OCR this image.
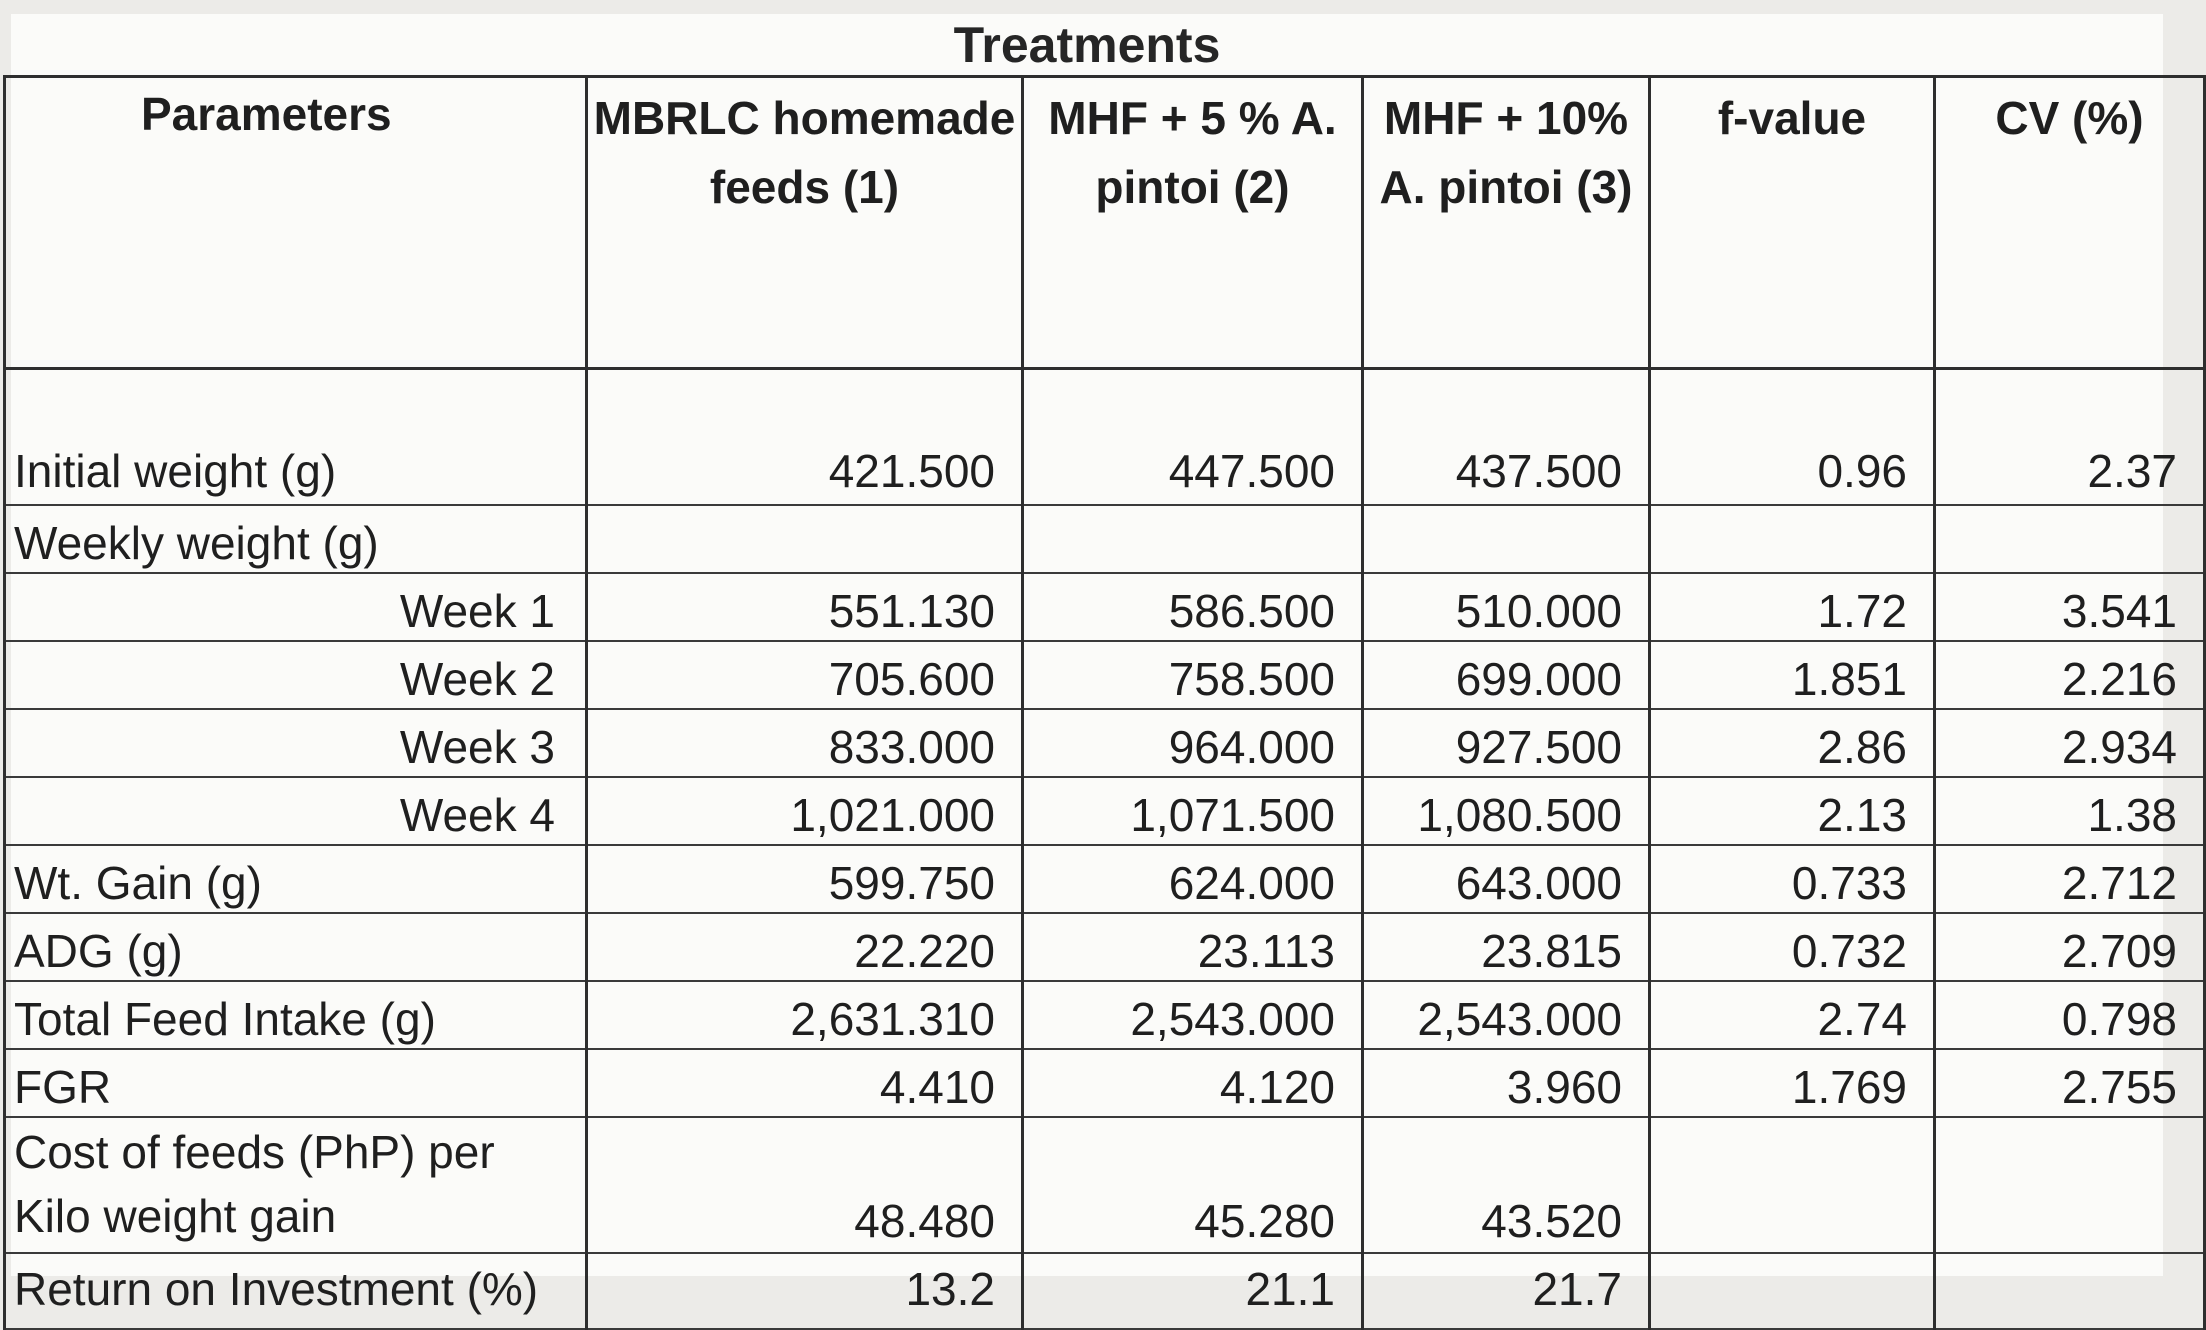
Treatments
Parameters	MBRLC homemade feeds (1)	MHF + 5 % A. pintoi (2)	MHF + 10% A. pintoi (3)	f-value	CV (%)
Initial weight (g)	421.500	447.500	437.500	0.96	2.37
Weekly weight (g)					
Week 1	551.130	586.500	510.000	1.72	3.541
Week 2	705.600	758.500	699.000	1.851	2.216
Week 3	833.000	964.000	927.500	2.86	2.934
Week 4	1,021.000	1,071.500	1,080.500	2.13	1.38
Wt. Gain (g)	599.750	624.000	643.000	0.733	2.712
ADG (g)	22.220	23.113	23.815	0.732	2.709
Total Feed Intake (g)	2,631.310	2,543.000	2,543.000	2.74	0.798
FGR	4.410	4.120	3.960	1.769	2.755
Cost of feeds (PhP) per Kilo weight gain	48.480	45.280	43.520		
Return on Investment (%)	13.2	21.1	21.7		
